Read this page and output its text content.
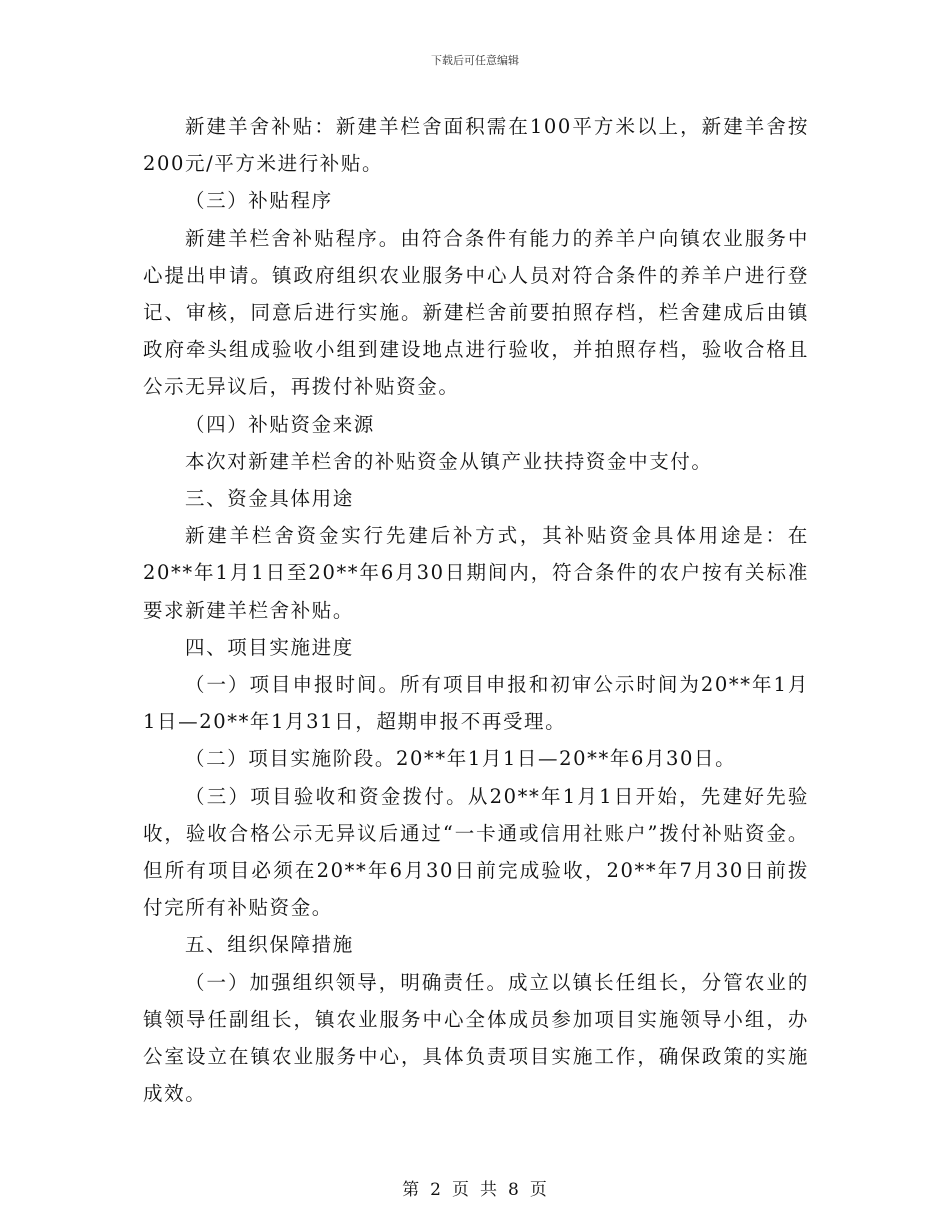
下载后可任意编辑

新建羊舍补贴：新建羊栏舍面积需在100平方米以上，新建羊舍按200元/平方米进行补贴。

（三）补贴程序

新建羊栏舍补贴程序。由符合条件有能力的养羊户向镇农业服务中心提出申请。镇政府组织农业服务中心人员对符合条件的养羊户进行登记、审核，同意后进行实施。新建栏舍前要拍照存档，栏舍建成后由镇政府牵头组成验收小组到建设地点进行验收，并拍照存档，验收合格且公示无异议后，再拨付补贴资金。

（四）补贴资金来源

本次对新建羊栏舍的补贴资金从镇产业扶持资金中支付。

三、资金具体用途

新建羊栏舍资金实行先建后补方式，其补贴资金具体用途是：在20**年1月1日至20**年6月30日期间内，符合条件的农户按有关标准要求新建羊栏舍补贴。

四、项目实施进度

（一）项目申报时间。所有项目申报和初审公示时间为20**年1月1日—20**年1月31日，超期申报不再受理。

（二）项目实施阶段。20**年1月1日—20**年6月30日。

（三）项目验收和资金拨付。从20**年1月1日开始，先建好先验收，验收合格公示无异议后通过“一卡通或信用社账户”拨付补贴资金。但所有项目必须在20**年6月30日前完成验收，20**年7月30日前拨付完所有补贴资金。

五、组织保障措施

（一）加强组织领导，明确责任。成立以镇长任组长，分管农业的镇领导任副组长，镇农业服务中心全体成员参加项目实施领导小组，办公室设立在镇农业服务中心，具体负责项目实施工作，确保政策的实施成效。

第 2 页 共 8 页
